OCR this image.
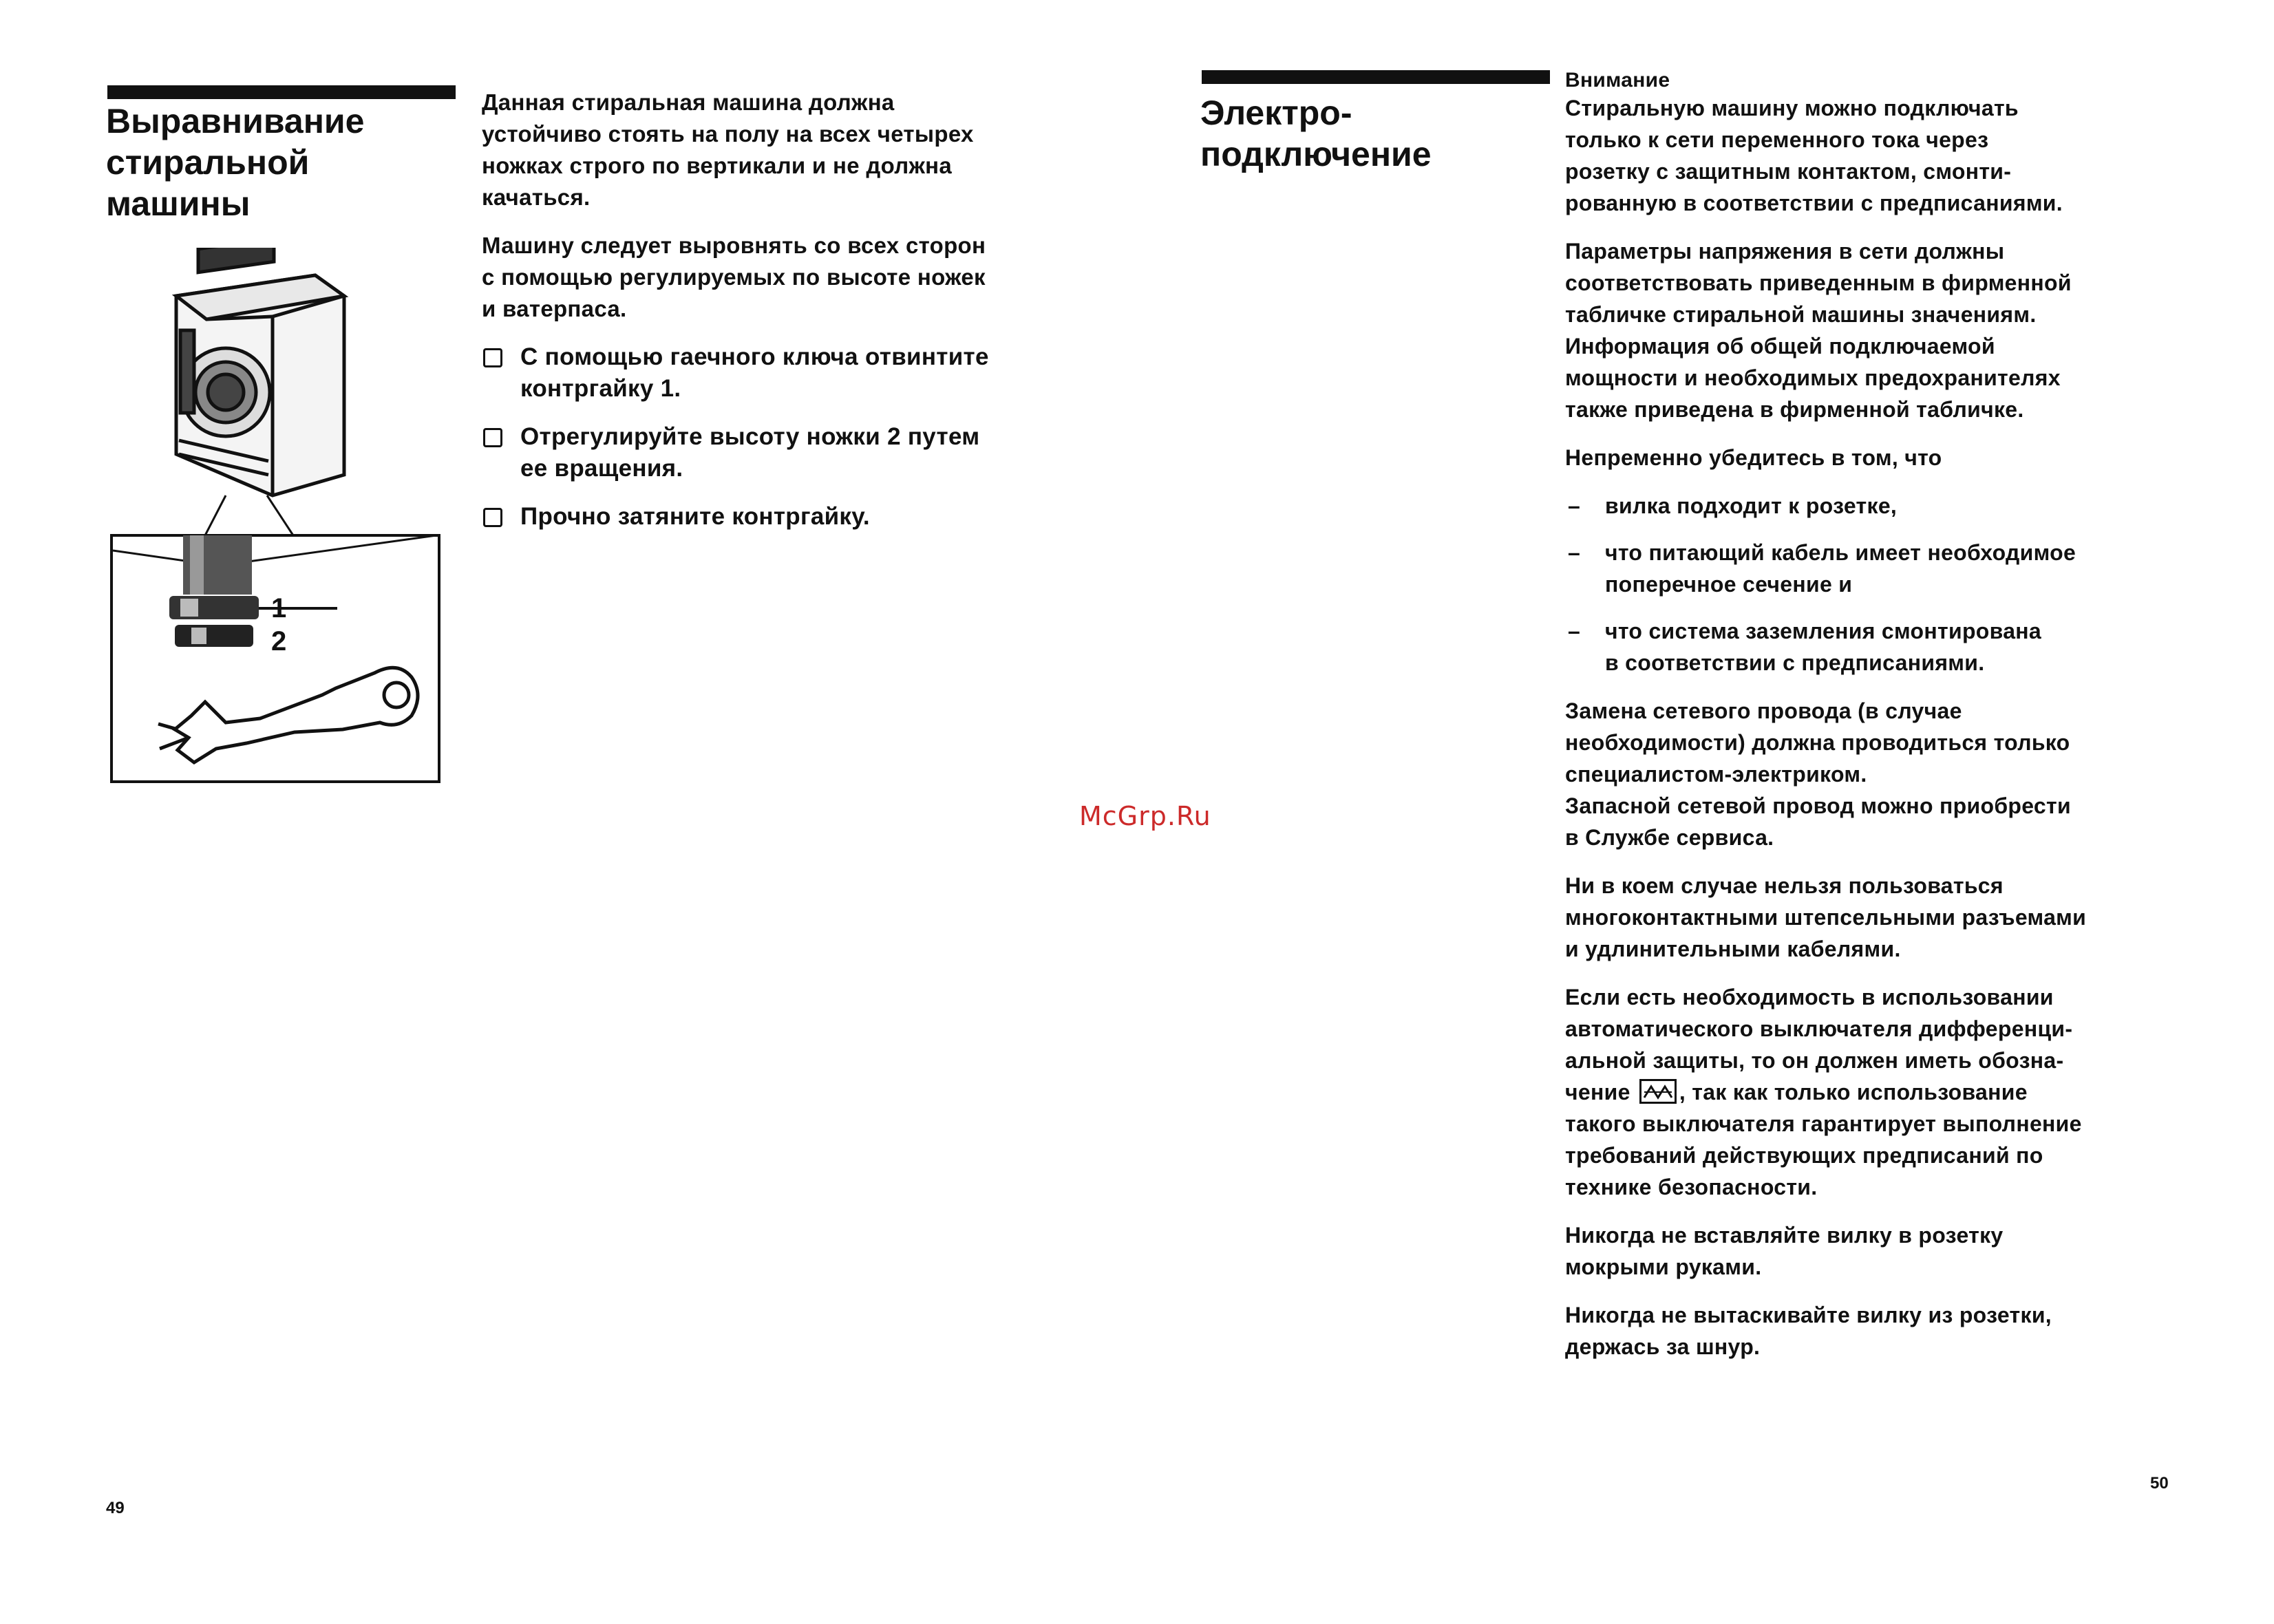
Выравнивание
стиральной
машины
1
2

Данная стиральная машина должна
устойчиво стоять на полу на всех четырех
ножках строго по вертикали и не должна
качаться.

Машину следует выровнять со всех сторон
с помощью регулируемых по высоте ножек
и ватерпаса.

С помощью гаечного ключа отвинтите
контргайку 1.
Отрегулируйте высоту ножки 2 путем
ее вращения.
Прочно затяните контргайку.
49
McGrp.Ru
Электро-
подключение

Внимание
Стиральную машину можно подключать
только к сети переменного тока через
розетку с защитным контактом, смонти-
рованную в соответствии с предписаниями.

Параметры напряжения в сети должны
соответствовать приведенным в фирменной
табличке стиральной машины значениям.
Информация об общей подключаемой
мощности и необходимых предохранителях
также приведена в фирменной табличке.

Непременно убедитесь в том, что

– вилка подходит к розетке,
– что питающий кабель имеет необходимое
поперечное сечение и
– что система заземления смонтирована
в соответствии с предписаниями.

Замена сетевого провода (в случае
необходимости) должна проводиться только
специалистом-электриком.
Запасной сетевой провод можно приобрести
в Службе сервиса.

Ни в коем случае нельзя пользоваться
многоконтактными штепсельными разъемами
и удлинительными кабелями.

Если есть необходимость в использовании
автоматического выключателя дифференци-
альной защиты, то он должен иметь обозна-
чение , так как только использование
такого выключателя гарантирует выполнение
требований действующих предписаний по
технике безопасности.

Никогда не вставляйте вилку в розетку
мокрыми руками.

Никогда не вытаскивайте вилку из розетки,
держась за шнур.

50
